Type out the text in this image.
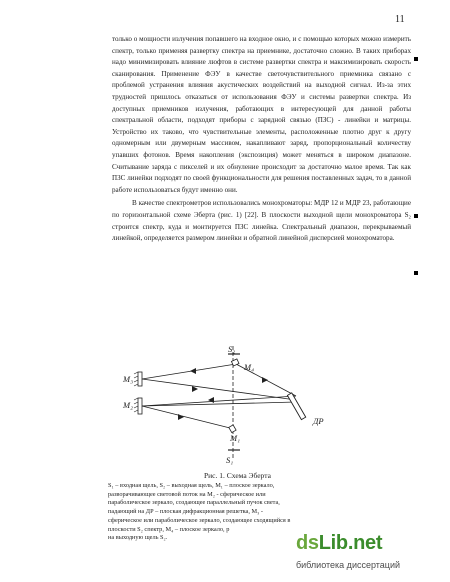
11

только о мощности излучения попавшего на входное окно, и с помощью которых можно измерить спектр, только применяя развертку спектра на приемнике, достаточно сложно. В таких приборах надо минимизировать влияние люфтов в системе развертки спектра и максимизировать скорость сканирования. Применение ФЭУ в качестве светочувствительного приемника связано с проблемой устранения влияния акустических воздействий на выходной сигнал. Из-за этих трудностей пришлось отказаться от использования ФЭУ и системы развертки спектра. Из доступных приемников излучения, работающих в интересующей для данной работы спектральной области, подходят приборы с зарядной связью (ПЗС) - линейки и матрицы. Устройство их таково, что чувствительные элементы, расположенные плотно друг к другу одномерным или двумерным массивом, накапливают заряд, пропорциональный количеству упавших фотонов. Время накопления (экспозиция) может меняться в широком диапазоне. Считывание заряда с пикселей и их обнуление происходит за достаточно малое время. Так как ПЗС линейки подходят по своей функциональности для решения поставленных задач, то в данной работе использоваться будут именно они.

В качестве спектрометров использовались монохроматоры: МДР 12 и МДР 23, работающие по горизонтальной схеме Эберта (рис. 1) [22]. В плоскости выходной щели монохроматора S₂ строится спектр, куда и монтируется ПЗС линейка. Спектральный диапазон, перекрываемый линейкой, определяется размером линейки и обратной линейной дисперсией монохроматора.

S₂
S₁
M₁
M₂
M₃
M₄
ДР
Рис. 1. Схема Эберта

S₁ – входная щель, S₂ – выходная щель, M₁ – плоское зеркало,

разворачивающее световой поток на M₂ - сферическое или

параболическое зеркало, создающее параллельный пучок света,

падающий на ДР – плоская дифракционная решетка, M₃ -

сферическое или параболическое зеркало, создающее сходящийся в

плоскости S₂ спектр, M₄ – плоское зеркало, р

на выходную щель S₂.	dsLib.net
библиотека диссертаций
